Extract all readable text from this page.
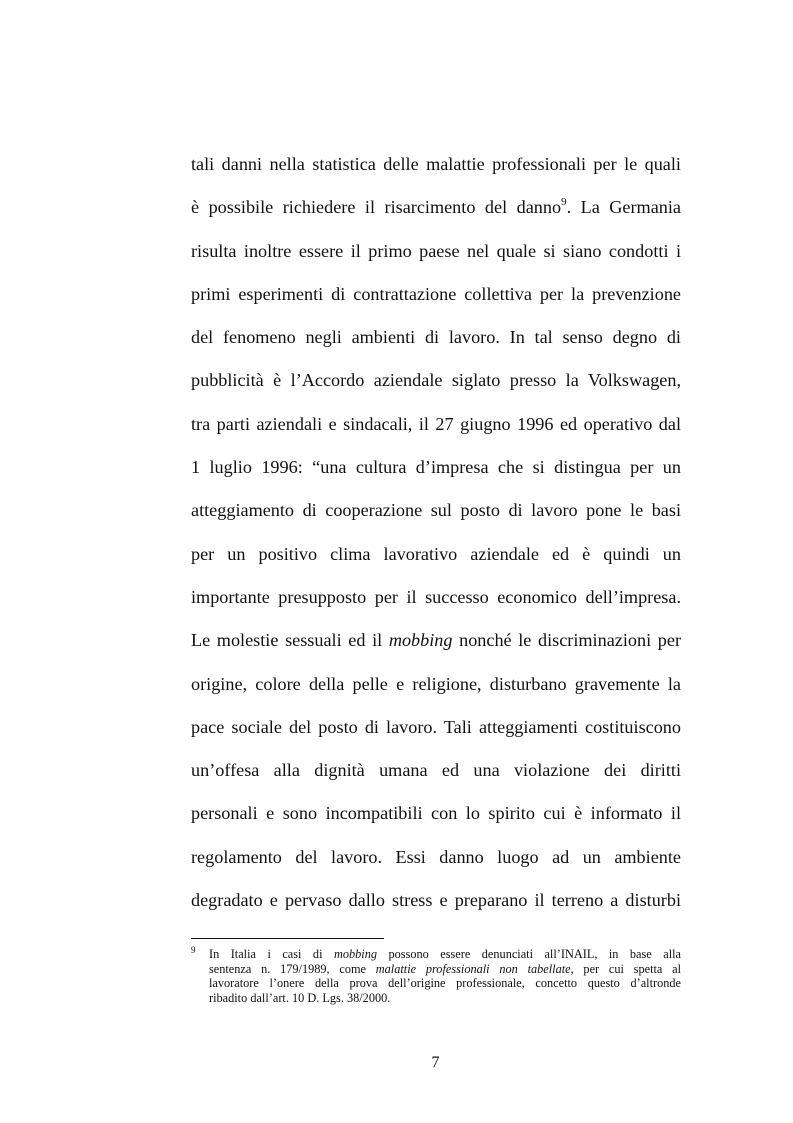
tali danni nella statistica delle malattie professionali per le quali
è possibile richiedere il risarcimento del danno$^9$. La Germania
risulta inoltre essere il primo paese nel quale si siano condotti i
primi esperimenti di contrattazione collettiva per la prevenzione
del fenomeno negli ambienti di lavoro. In tal senso degno di
pubblicità è l’Accordo aziendale siglato presso la Volkswagen,
tra parti aziendali e sindacali, il 27 giugno 1996 ed operativo dal
1 luglio 1996: “una cultura d’impresa che si distingua per un
atteggiamento di cooperazione sul posto di lavoro pone le basi
per un positivo clima lavorativo aziendale ed è quindi un
importante presupposto per il successo economico dell’impresa.
Le molestie sessuali ed il mobbing nonché le discriminazioni per
origine, colore della pelle e religione, disturbano gravemente la
pace sociale del posto di lavoro. Tali atteggiamenti costituiscono
un’offesa alla dignità umana ed una violazione dei diritti
personali e sono incompatibili con lo spirito cui è informato il
regolamento del lavoro. Essi danno luogo ad un ambiente
degradato e pervaso dallo stress e preparano il terreno a disturbi
9 In Italia i casi di mobbing possono essere denunciati all’INAIL, in base alla
sentenza n. 179/1989, come malattie professionali non tabellate, per cui spetta al
lavoratore l’onere della prova dell’origine professionale, concetto questo d’altronde
ribadito dall’art. 10 D. Lgs. 38/2000.
7
